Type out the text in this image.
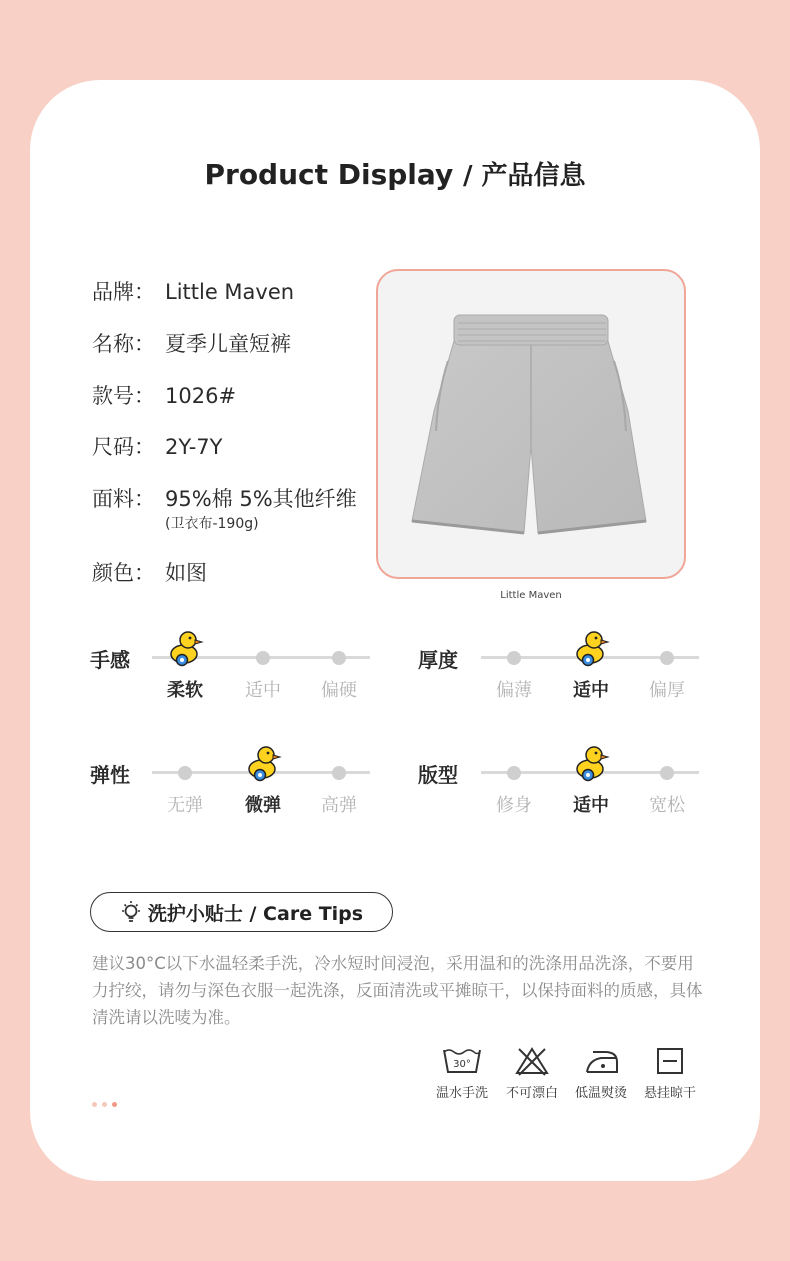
Product Display / 产品信息
品牌： Little Maven
名称： 夏季儿童短裤
款号： 1026#
尺码： 2Y-7Y
面料： 95%棉 5%其他纤维
(卫衣布-190g)
颜色： 如图
Little Maven
手感
柔软	适中	偏硬
厚度
偏薄	适中	偏厚
弹性
无弹	微弹	高弹
版型
修身	适中	宽松
洗护小贴士 / Care Tips
建议30°C以下水温轻柔手洗，冷水短时间浸泡，采用温和的洗涤用品洗涤，不要用力拧绞，请勿与深色衣服一起洗涤，反面清洗或平摊晾干，以保持面料的质感，具体清洗请以洗唛为准。
30°
温水手洗	不可漂白	低温熨烫	悬挂晾干
